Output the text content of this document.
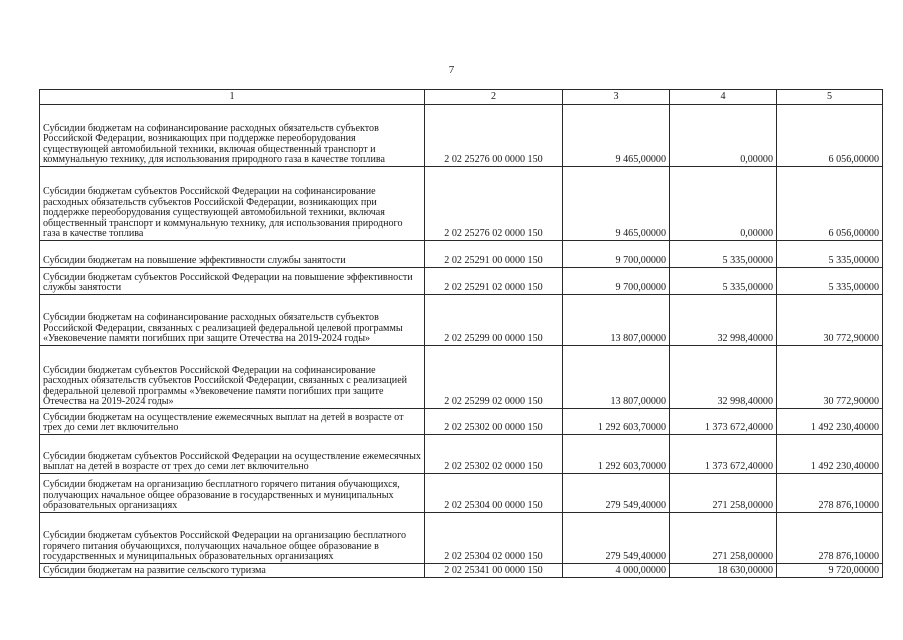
7
1	2	3	4	5
Субсидии бюджетам на софинансирование расходных обязательств субъектов Российской Федерации, возникающих при поддержке переоборудования существующей автомобильной техники, включая общественный транспорт и коммунальную технику, для использования природного газа в качестве топлива	2 02 25276 00 0000 150	9 465,00000	0,00000	6 056,00000
Субсидии бюджетам субъектов Российской Федерации на софинансирование расходных обязательств субъектов Российской Федерации, возникающих при поддержке переоборудования существующей автомобильной техники, включая общественный транспорт и коммунальную технику, для использования природного газа в качестве топлива	2 02 25276 02 0000 150	9 465,00000	0,00000	6 056,00000
Субсидии бюджетам на повышение эффективности службы занятости	2 02 25291 00 0000 150	9 700,00000	5 335,00000	5 335,00000
Субсидии бюджетам субъектов Российской Федерации на повышение эффективности службы занятости	2 02 25291 02 0000 150	9 700,00000	5 335,00000	5 335,00000
Субсидии бюджетам на софинансирование расходных обязательств субъектов Российской Федерации, связанных с реализацией федеральной целевой программы «Увековечение памяти погибших при защите Отечества на 2019-2024 годы»	2 02 25299 00 0000 150	13 807,00000	32 998,40000	30 772,90000
Субсидии бюджетам субъектов Российской Федерации на софинансирование расходных обязательств субъектов Российской Федерации, связанных с реализацией федеральной целевой программы «Увековечение памяти погибших при защите Отечества на 2019-2024 годы»	2 02 25299 02 0000 150	13 807,00000	32 998,40000	30 772,90000
Субсидии бюджетам на осуществление ежемесячных выплат на детей в возрасте от трех до семи лет включительно	2 02 25302 00 0000 150	1 292 603,70000	1 373 672,40000	1 492 230,40000
Субсидии бюджетам субъектов Российской Федерации на осуществление ежемесячных выплат на детей в возрасте от трех до семи лет включительно	2 02 25302 02 0000 150	1 292 603,70000	1 373 672,40000	1 492 230,40000
Субсидии бюджетам на организацию бесплатного горячего питания обучающихся, получающих начальное общее образование в государственных и муниципальных образовательных организациях	2 02 25304 00 0000 150	279 549,40000	271 258,00000	278 876,10000
Субсидии бюджетам субъектов Российской Федерации на организацию бесплатного горячего питания обучающихся, получающих начальное общее образование в государственных и муниципальных образовательных организациях	2 02 25304 02 0000 150	279 549,40000	271 258,00000	278 876,10000
Субсидии бюджетам на развитие сельского туризма	2 02 25341 00 0000 150	4 000,00000	18 630,00000	9 720,00000
